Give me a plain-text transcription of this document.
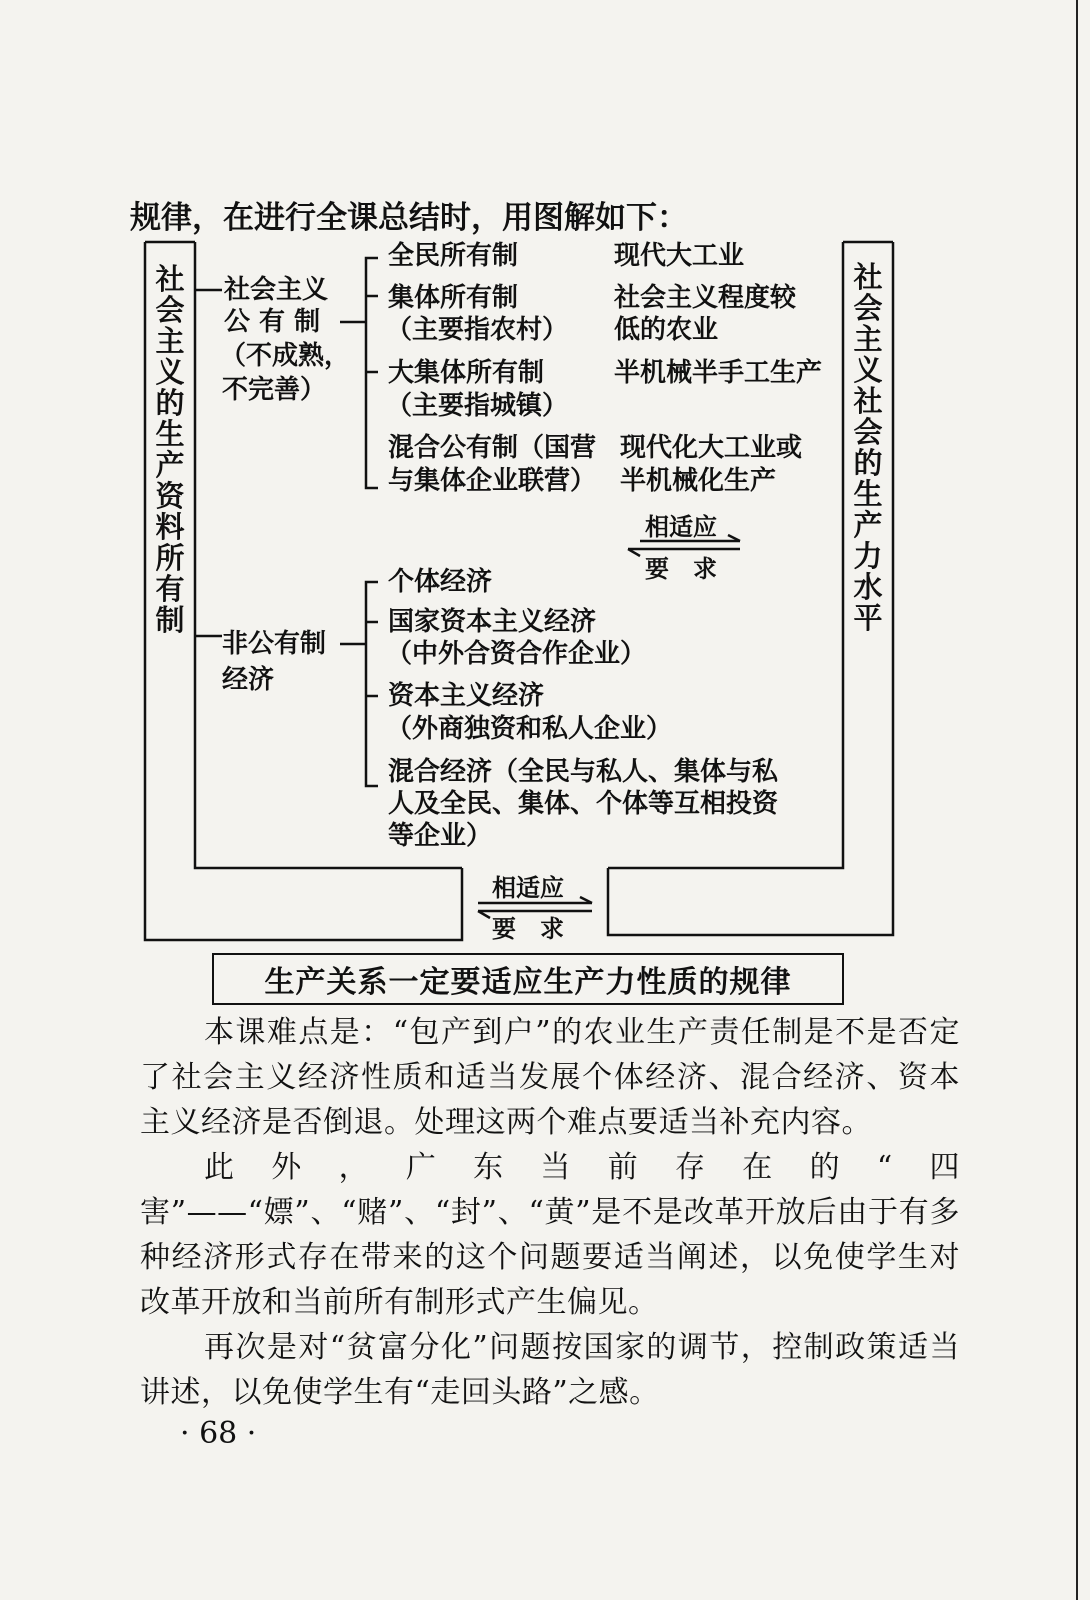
规律，在进行全课总结时，用图解如下：
社会主义的生产资料所有制
社会主义社会的生产力水平
社会主义
公 有 制
（不成熟，
不完善）
全民所有制
集体所有制
（主要指农村）
大集体所有制
（主要指城镇）
混合公有制（国营
与集体企业联营）
现代大工业
社会主义程度较
低的农业
半机械半手工生产
现代化大工业或
半机械化生产
相适应
要　求
非公有制
经济
个体经济
国家资本主义经济
（中外合资合作企业）
资本主义经济
（外商独资和私人企业）
混合经济（全民与私人、集体与私
人及全民、集体、个体等互相投资
等企业）
相适应
要　求
生产关系一定要适应生产力性质的规律

本课难点是：“包产到户”的农业生产责任制是不是否定了社会主义经济性质和适当发展个体经济、混合经济、资本主义经济是否倒退。处理这两个难点要适当补充内容。

此外，广东当前存在的“四害”——“嫖”、“赌”、“封”、“黄”是不是改革开放后由于有多种经济形式存在带来的这个问题要适当阐述，以免使学生对改革开放和当前所有制形式产生偏见。

再次是对“贫富分化”问题按国家的调节，控制政策适当讲述，以免使学生有“走回头路”之感。

· 68 ·
